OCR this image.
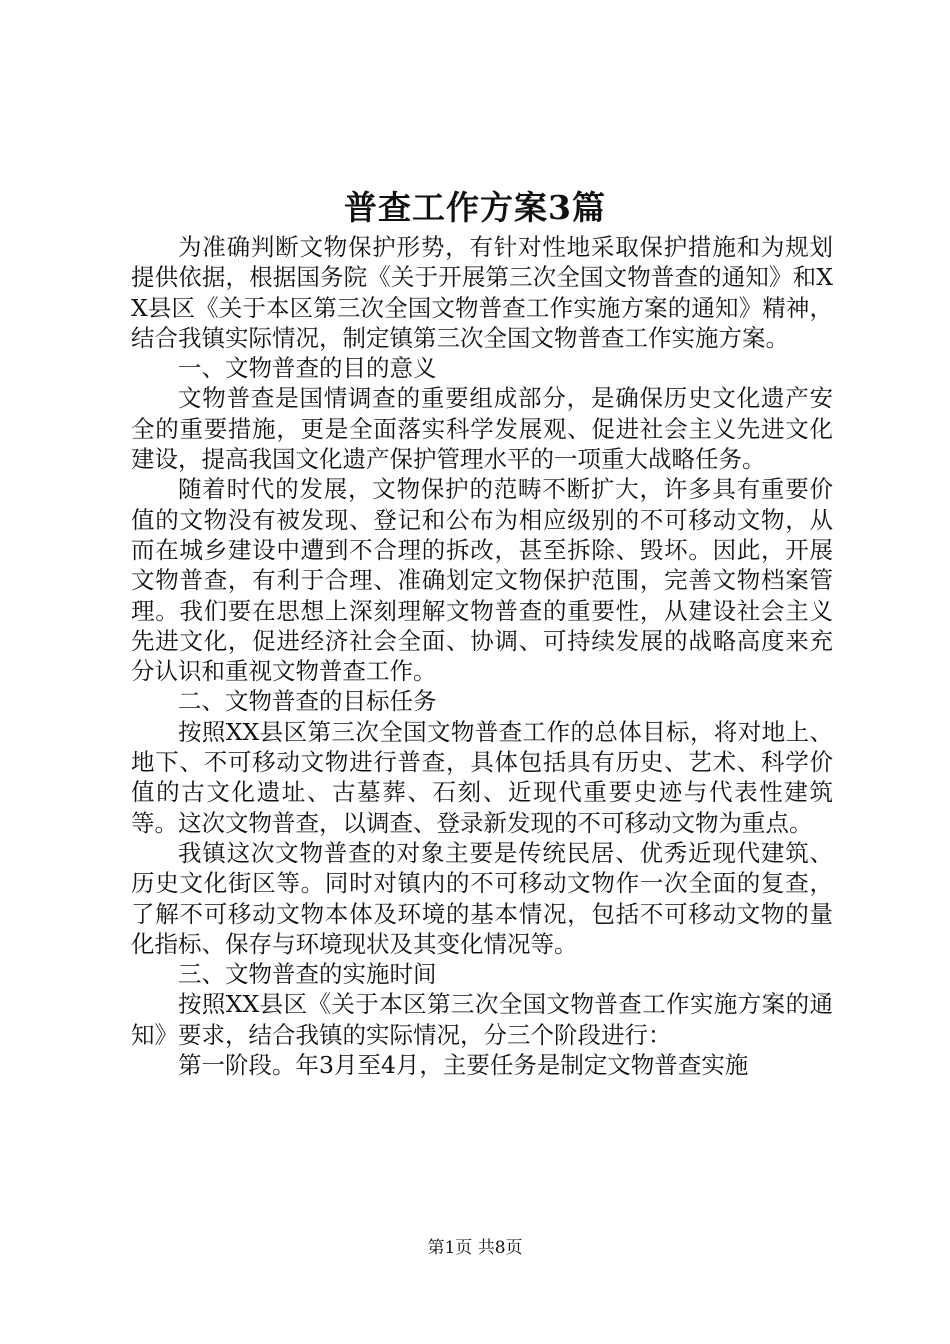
普查工作方案3篇

为准确判断文物保护形势，有针对性地采取保护措施和为规划提供依据，根据国务院《关于开展第三次全国文物普查的通知》和XX县区《关于本区第三次全国文物普查工作实施方案的通知》精神，结合我镇实际情况，制定镇第三次全国文物普查工作实施方案。

一、文物普查的目的意义

文物普查是国情调查的重要组成部分，是确保历史文化遗产安全的重要措施，更是全面落实科学发展观、促进社会主义先进文化建设，提高我国文化遗产保护管理水平的一项重大战略任务。

随着时代的发展，文物保护的范畴不断扩大，许多具有重要价值的文物没有被发现、登记和公布为相应级别的不可移动文物，从而在城乡建设中遭到不合理的拆改，甚至拆除、毁坏。因此，开展文物普查，有利于合理、准确划定文物保护范围，完善文物档案管理。我们要在思想上深刻理解文物普查的重要性，从建设社会主义先进文化，促进经济社会全面、协调、可持续发展的战略高度来充分认识和重视文物普查工作。

二、文物普查的目标任务

按照XX县区第三次全国文物普查工作的总体目标，将对地上、地下、不可移动文物进行普查，具体包括具有历史、艺术、科学价值的古文化遗址、古墓葬、石刻、近现代重要史迹与代表性建筑等。这次文物普查，以调查、登录新发现的不可移动文物为重点。

我镇这次文物普查的对象主要是传统民居、优秀近现代建筑、历史文化街区等。同时对镇内的不可移动文物作一次全面的复查，了解不可移动文物本体及环境的基本情况，包括不可移动文物的量化指标、保存与环境现状及其变化情况等。

三、文物普查的实施时间

按照XX县区《关于本区第三次全国文物普查工作实施方案的通知》要求，结合我镇的实际情况，分三个阶段进行：

第一阶段。年3月至4月，主要任务是制定文物普查实施

第1页 共8页
